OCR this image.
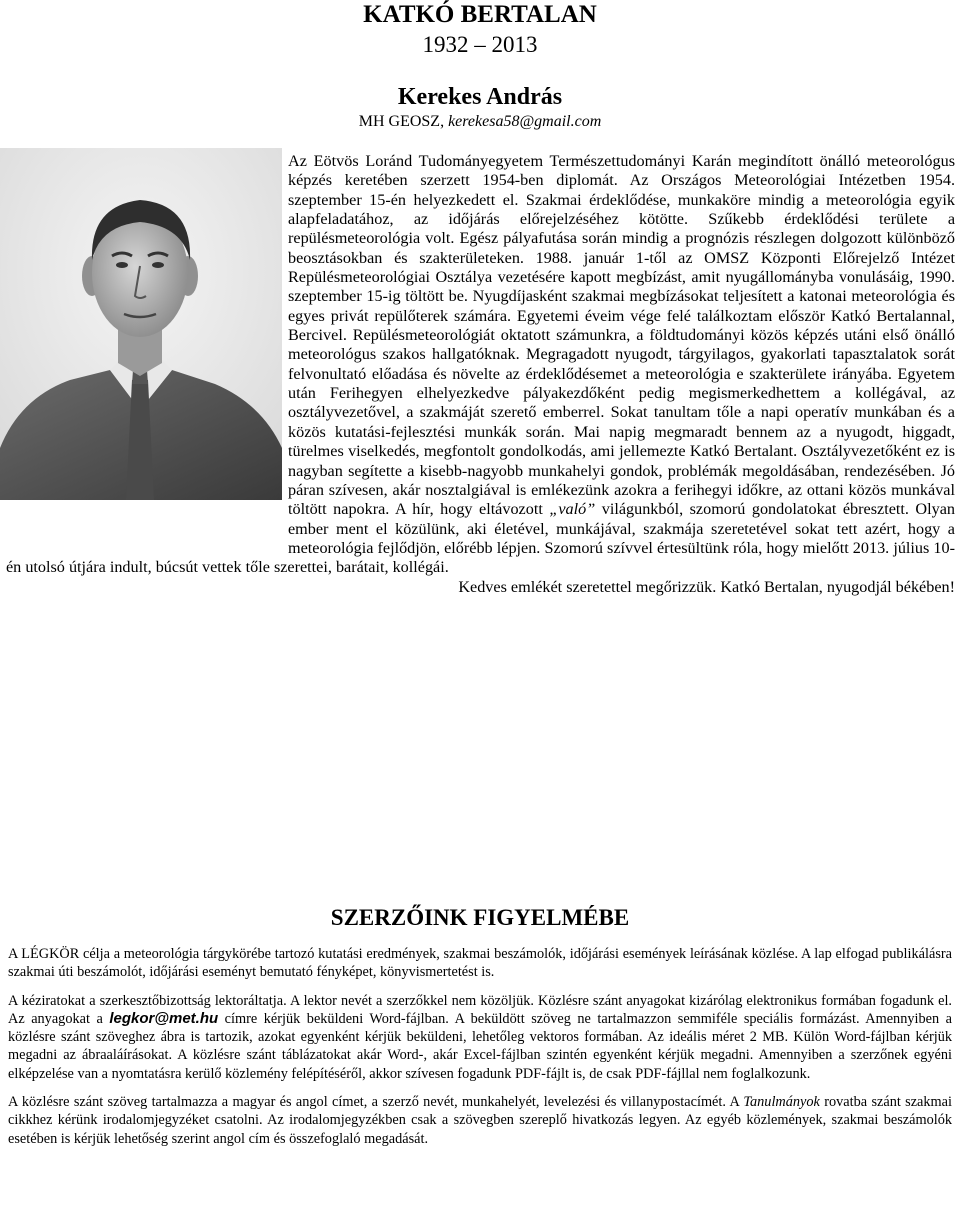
KATKÓ BERTALAN
1932 – 2013
Kerekes András
MH GEOSZ, kerekesa58@gmail.com

Az Eötvös Loránd Tudományegyetem Természettudományi Karán megindított önálló meteorológus képzés keretében szerzett 1954-ben diplomát. Az Országos Meteorológiai Intézetben 1954. szeptember 15-én helyezkedett el. Szakmai érdeklődése, munkaköre mindig a meteorológia egyik alapfeladatához, az időjárás előrejelzéséhez kötötte. Szűkebb érdeklődési területe a repülésmeteorológia volt. Egész pályafutása során mindig a prognózis részlegen dolgozott különböző beosztásokban és szakterületeken. 1988. január 1-től az OMSZ Központi Előrejelző Intézet Repülésmeteorológiai Osztálya vezetésére kapott megbízást, amit nyugállományba vonulásáig, 1990. szeptember 15-ig töltött be. Nyugdíjasként szakmai megbízásokat teljesített a katonai meteorológia és egyes privát repülőterek számára. Egyetemi éveim vége felé találkoztam először Katkó Bertalannal, Bercivel. Repülésmeteorológiát oktatott számunkra, a földtudományi közös képzés utáni első önálló meteorológus szakos hallgatóknak. Megragadott nyugodt, tárgyilagos, gyakorlati tapasztalatok sorát felvonultató előadása és növelte az érdeklődésemet a meteorológia e szakterülete irányába. Egyetem után Ferihegyen elhelyezkedve pályakezdőként pedig megismerkedhettem a kollégával, az osztályvezetővel, a szakmáját szerető emberrel. Sokat tanultam tőle a napi operatív munkában és a közös kutatási-fejlesztési munkák során. Mai napig megmaradt bennem az a nyugodt, higgadt, türelmes viselkedés, megfontolt gondolkodás, ami jellemezte Katkó Bertalant. Osztályvezetőként ez is nagyban segítette a kisebb-nagyobb munkahelyi gondok, problémák megoldásában, rendezésében. Jó páran szívesen, akár nosztalgiával is emlékezünk azokra a ferihegyi időkre, az ottani közös munkával töltött napokra. A hír, hogy eltávozott „való” világunkból, szomorú gondolatokat ébresztett. Olyan ember ment el közülünk, aki életével, munkájával, szakmája szeretetével sokat tett azért, hogy a meteorológia fejlődjön, előrébb lépjen. Szomorú szívvel értesültünk róla, hogy mielőtt 2013. július 10-én utolsó útjára indult, búcsút vettek tőle szerettei, barátait, kollégái.

Kedves emlékét szeretettel megőrizzük. Katkó Bertalan, nyugodjál békében!

SZERZŐINK FIGYELMÉBE

A LÉGKÖR célja a meteorológia tárgykörébe tartozó kutatási eredmények, szakmai beszámolók, időjárási események leírásának közlése. A lap elfogad publikálásra szakmai úti beszámolót, időjárási eseményt bemutató fényképet, könyvismertetést is.

A kéziratokat a szerkesztőbizottság lektoráltatja. A lektor nevét a szerzőkkel nem közöljük. Közlésre szánt anyagokat kizárólag elektronikus formában fogadunk el. Az anyagokat a legkor@met.hu címre kérjük beküldeni Word-fájlban. A beküldött szöveg ne tartalmazzon semmiféle speciális formázást. Amennyiben a közlésre szánt szöveghez ábra is tartozik, azokat egyenként kérjük beküldeni, lehetőleg vektoros formában. Az ideális méret 2 MB. Külön Word-fájlban kérjük megadni az ábraaláírásokat. A közlésre szánt táblázatokat akár Word-, akár Excel-fájlban szintén egyenként kérjük megadni. Amennyiben a szerzőnek egyéni elképzelése van a nyomtatásra kerülő közlemény felépítéséről, akkor szívesen fogadunk PDF-fájlt is, de csak PDF-fájllal nem foglalkozunk.

A közlésre szánt szöveg tartalmazza a magyar és angol címet, a szerző nevét, munkahelyét, levelezési és villanypostacímét. A Tanulmányok rovatba szánt szakmai cikkhez kérünk irodalomjegyzéket csatolni. Az irodalomjegyzékben csak a szövegben szereplő hivatkozás legyen. Az egyéb közlemények, szakmai beszámolók esetében is kérjük lehetőség szerint angol cím és összefoglaló megadását.
